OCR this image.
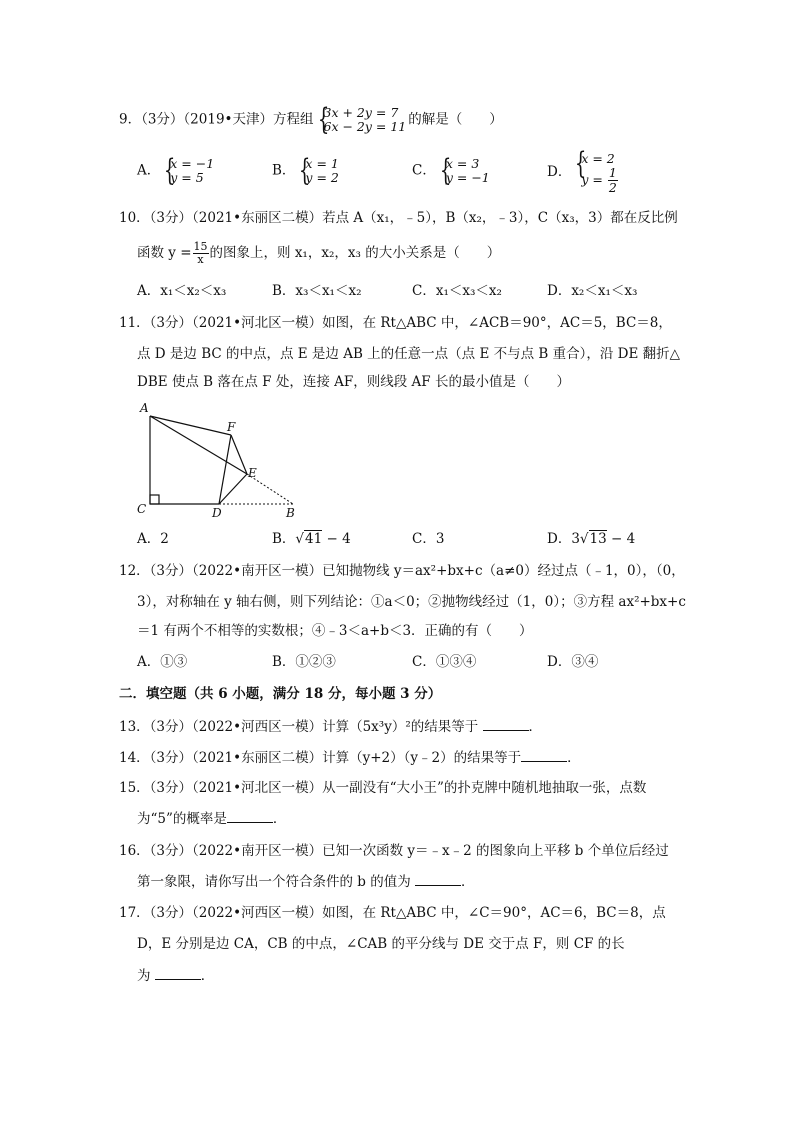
9．（3分）（2019•天津）方程组 { 3x + 2y = 7
6x − 2y = 11 的解是（　　）
A． { x = −1
y = 5	B． { x = 1
y = 2	C． { x = 3
y = −1	D．
{ x = 2
$y = \frac{1}{2}$
10．（3分）（2021•东丽区二模）若点 A（x₁，﹣5），B（x₂，﹣3），C（x₃，3）都在反比例
函数 $y = \frac{15}{x}$ 的图象上，则 x₁，x₂，x₃ 的大小关系是（　　）
A．x₁＜x₂＜x₃	B．x₃＜x₁＜x₂	C．x₁＜x₃＜x₂	D．x₂＜x₁＜x₃
11．（3分）（2021•河北区一模）如图，在 Rt△ABC 中，∠ACB＝90°，AC＝5，BC＝8，
点 D 是边 BC 的中点，点 E 是边 AB 上的任意一点（点 E 不与点 B 重合），沿 DE 翻折△
DBE 使点 B 落在点 F 处，连接 AF，则线段 AF 长的最小值是（　　）
A
F
E
C	D	B
A．2	B．√41 − 4	C．3	D．3√13 − 4
12．（3分）（2022•南开区一模）已知抛物线 y＝ax²+bx+c（a≠0）经过点（﹣1，0），（0，
3），对称轴在 y 轴右侧，则下列结论：①a＜0；②抛物线经过（1，0）；③方程 ax²+bx+c
＝1 有两个不相等的实数根；④﹣3＜a+b＜3．正确的有（　　）
A．①③	B．①②③	C．①③④	D．③④
二．填空题（共 6 小题，满分 18 分，每小题 3 分）
13．（3分）（2022•河西区一模）计算（5x³y）²的结果等于	．
14．（3分）（2021•东丽区二模）计算（y+2）（y﹣2）的结果等于	．
15．（3分）（2021•河北区一模）从一副没有“大小王”的扑克牌中随机地抽取一张，点数
为“5”的概率是	．
16．（3分）（2022•南开区一模）已知一次函数 y＝﹣x﹣2 的图象向上平移 b 个单位后经过
第一象限，请你写出一个符合条件的 b 的值为	．
17．（3分）（2022•河西区一模）如图，在 Rt△ABC 中，∠C＝90°，AC＝6，BC＝8，点
D，E 分别是边 CA，CB 的中点，∠CAB 的平分线与 DE 交于点 F，则 CF 的长
为	．
